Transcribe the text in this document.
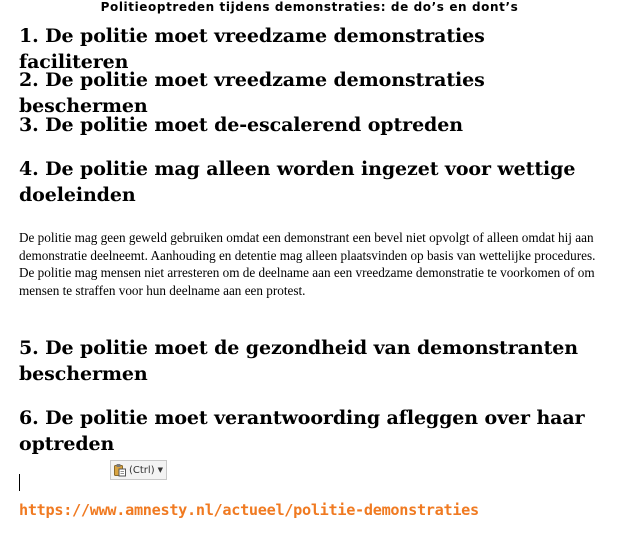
Politieoptreden tijdens demonstraties: de do’s en dont’s
1. De politie moet vreedzame demonstraties faciliteren
2. De politie moet vreedzame demonstraties beschermen
3. De politie moet de-escalerend optreden
4. De politie mag alleen worden ingezet voor wettige doeleinden
De politie mag geen geweld gebruiken omdat een demonstrant een bevel niet opvolgt of alleen omdat hij aan demonstratie deelneemt. Aanhouding en detentie mag alleen plaatsvinden op basis van wettelijke procedures. De politie mag mensen niet arresteren om de deelname aan een vreedzame demonstratie te voorkomen of om mensen te straffen voor hun deelname aan een protest.
5. De politie moet de gezondheid van demonstranten beschermen
6. De politie moet verantwoording afleggen over haar optreden
(Ctrl) ▼
https://www.amnesty.nl/actueel/politie-demonstraties
